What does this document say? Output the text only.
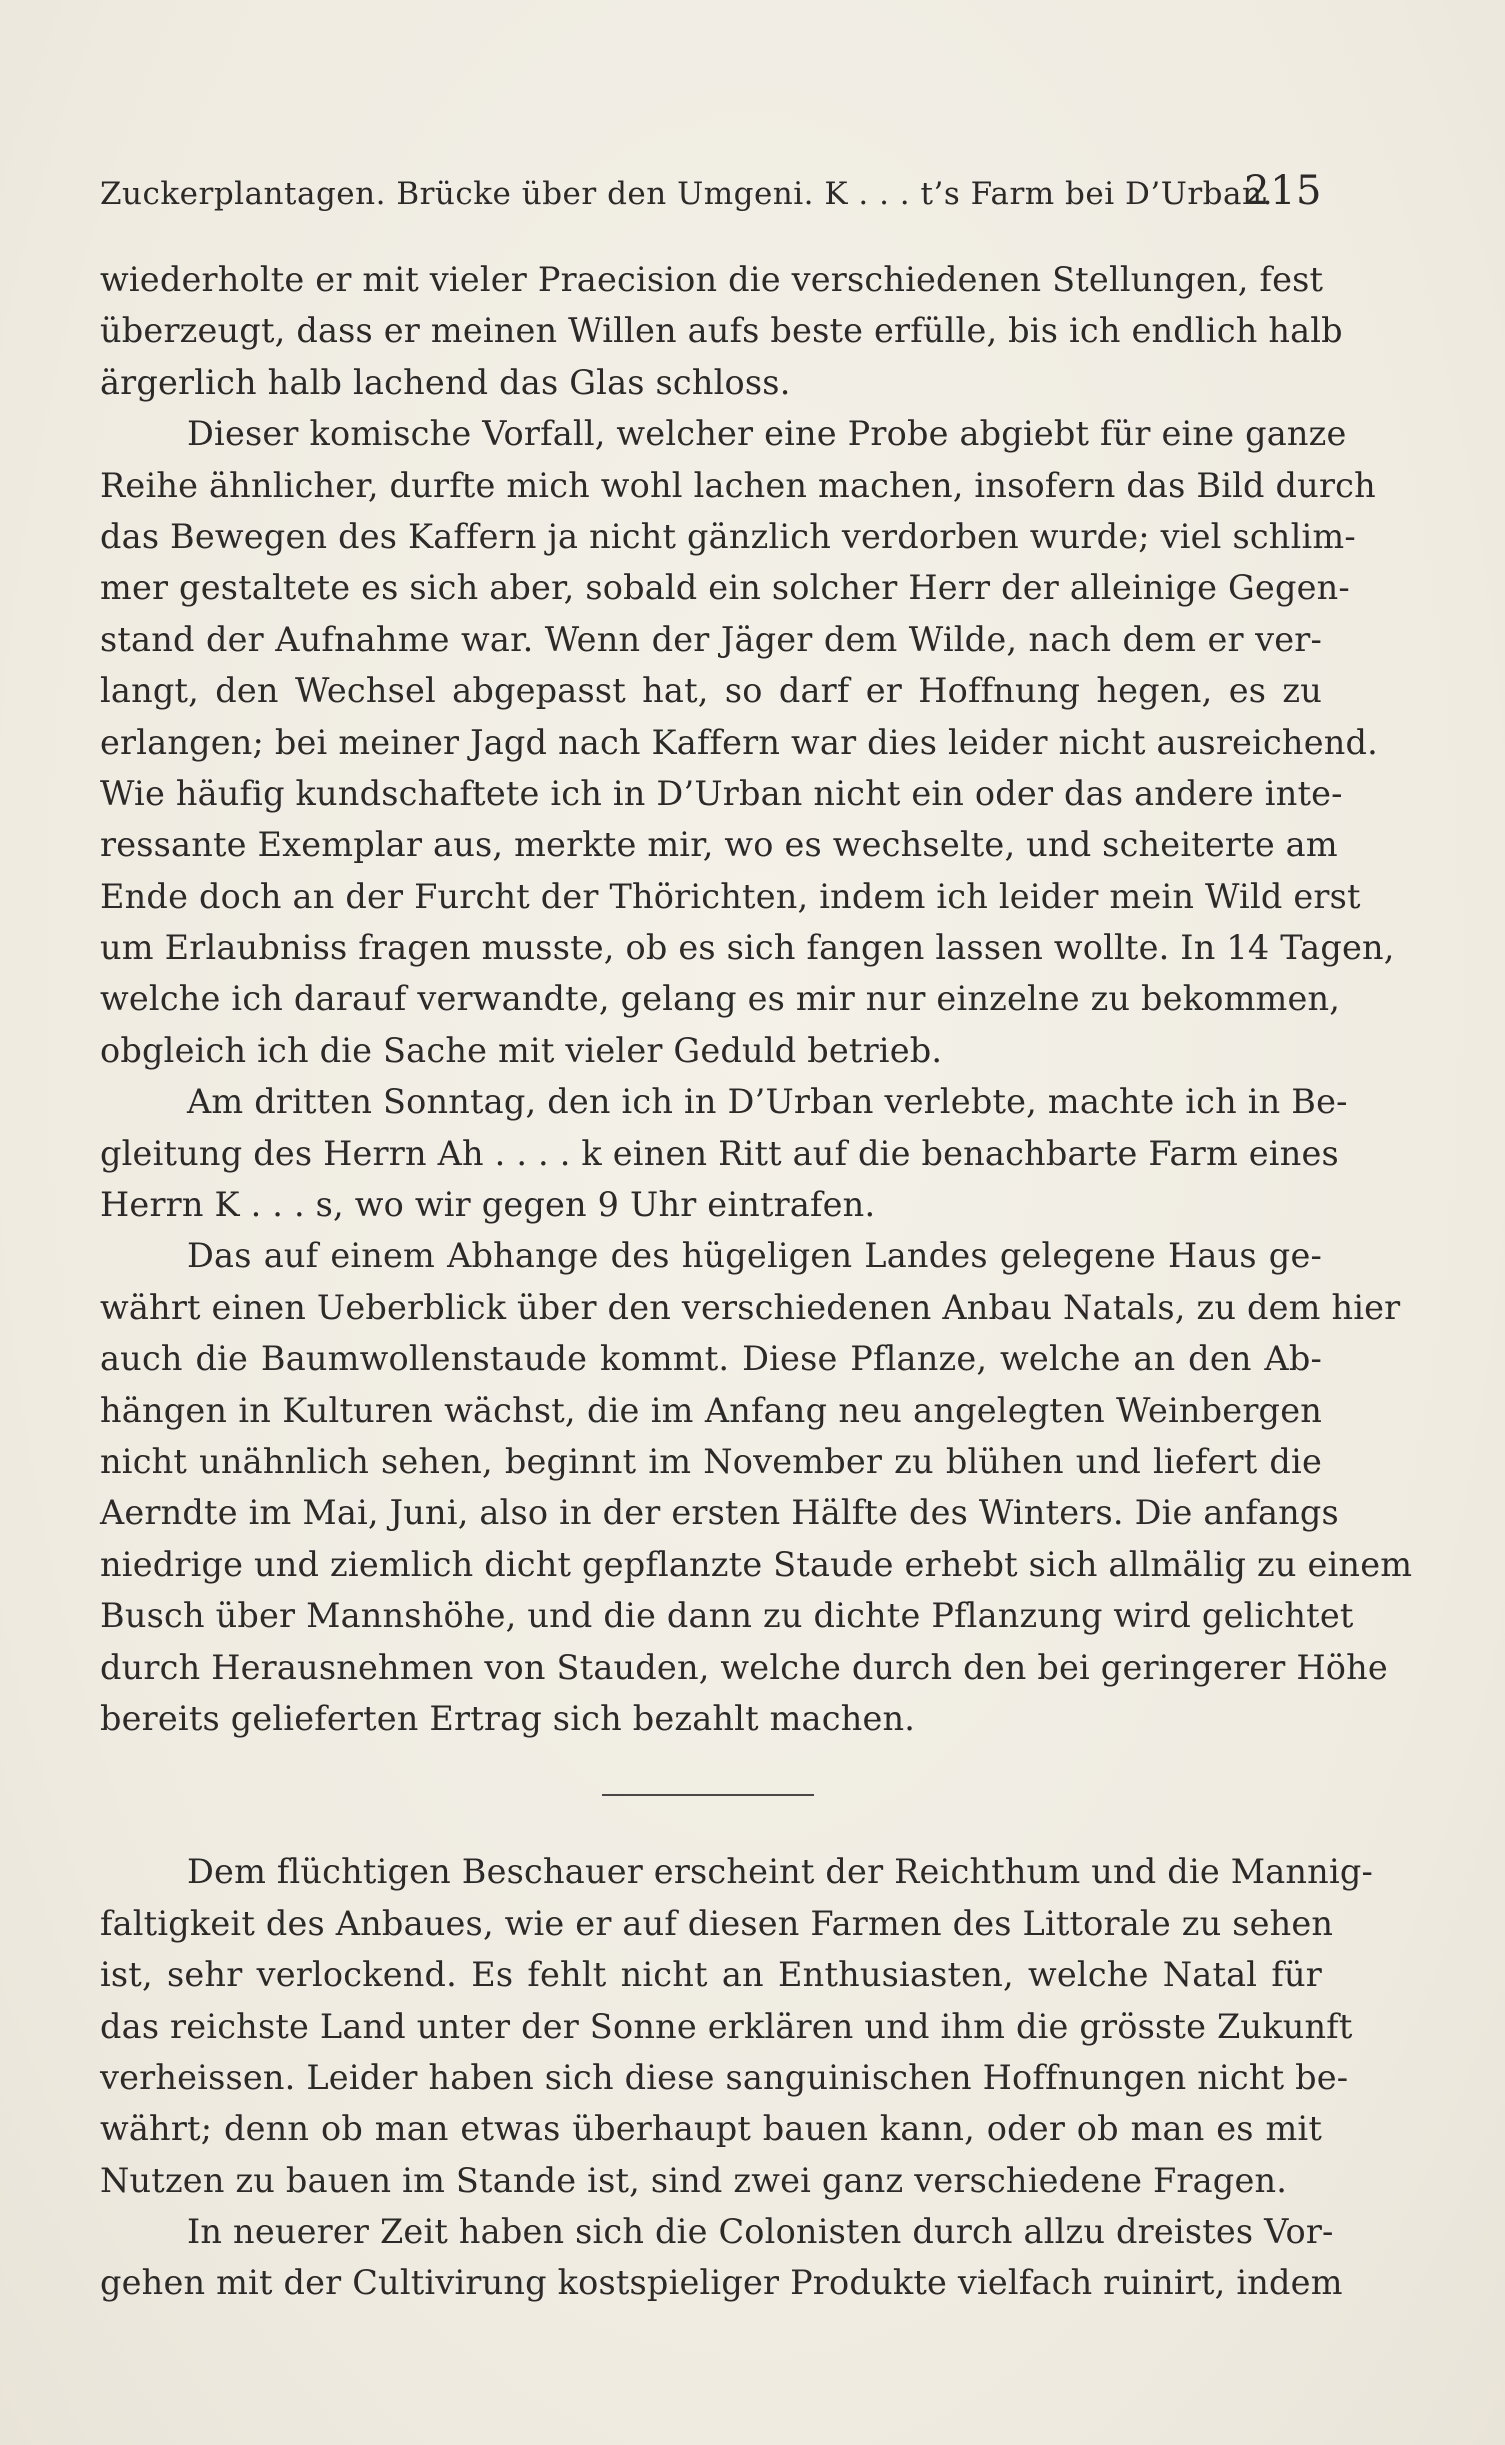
Zuckerplantagen. Brücke über den Umgeni. K . . . t’s Farm bei D’Urban.
215
wiederholte er mit vieler Praecision die verschiedenen Stellungen, fest
überzeugt, dass er meinen Willen aufs beste erfülle, bis ich endlich halb
ärgerlich halb lachend das Glas schloss.
Dieser komische Vorfall, welcher eine Probe abgiebt für eine ganze
Reihe ähnlicher, durfte mich wohl lachen machen, insofern das Bild durch
das Bewegen des Kaffern ja nicht gänzlich verdorben wurde; viel schlim-
mer gestaltete es sich aber, sobald ein solcher Herr der alleinige Gegen-
stand der Aufnahme war. Wenn der Jäger dem Wilde, nach dem er ver-
langt, den Wechsel abgepasst hat, so darf er Hoffnung hegen, es zu
erlangen; bei meiner Jagd nach Kaffern war dies leider nicht ausreichend.
Wie häufig kundschaftete ich in D’Urban nicht ein oder das andere inte-
ressante Exemplar aus, merkte mir, wo es wechselte, und scheiterte am
Ende doch an der Furcht der Thörichten, indem ich leider mein Wild erst
um Erlaubniss fragen musste, ob es sich fangen lassen wollte. In 14 Tagen,
welche ich darauf verwandte, gelang es mir nur einzelne zu bekommen,
obgleich ich die Sache mit vieler Geduld betrieb.
Am dritten Sonntag, den ich in D’Urban verlebte, machte ich in Be-
gleitung des Herrn Ah . . . . k einen Ritt auf die benachbarte Farm eines
Herrn K . . . s, wo wir gegen 9 Uhr eintrafen.
Das auf einem Abhange des hügeligen Landes gelegene Haus ge-
währt einen Ueberblick über den verschiedenen Anbau Natals, zu dem hier
auch die Baumwollenstaude kommt. Diese Pflanze, welche an den Ab-
hängen in Kulturen wächst, die im Anfang neu angelegten Weinbergen
nicht unähnlich sehen, beginnt im November zu blühen und liefert die
Aerndte im Mai, Juni, also in der ersten Hälfte des Winters. Die anfangs
niedrige und ziemlich dicht gepflanzte Staude erhebt sich allmälig zu einem
Busch über Mannshöhe, und die dann zu dichte Pflanzung wird gelichtet
durch Herausnehmen von Stauden, welche durch den bei geringerer Höhe
bereits gelieferten Ertrag sich bezahlt machen.
Dem flüchtigen Beschauer erscheint der Reichthum und die Mannig-
faltigkeit des Anbaues, wie er auf diesen Farmen des Littorale zu sehen
ist, sehr verlockend. Es fehlt nicht an Enthusiasten, welche Natal für
das reichste Land unter der Sonne erklären und ihm die grösste Zukunft
verheissen. Leider haben sich diese sanguinischen Hoffnungen nicht be-
währt; denn ob man etwas überhaupt bauen kann, oder ob man es mit
Nutzen zu bauen im Stande ist, sind zwei ganz verschiedene Fragen.
In neuerer Zeit haben sich die Colonisten durch allzu dreistes Vor-
gehen mit der Cultivirung kostspieliger Produkte vielfach ruinirt, indem
